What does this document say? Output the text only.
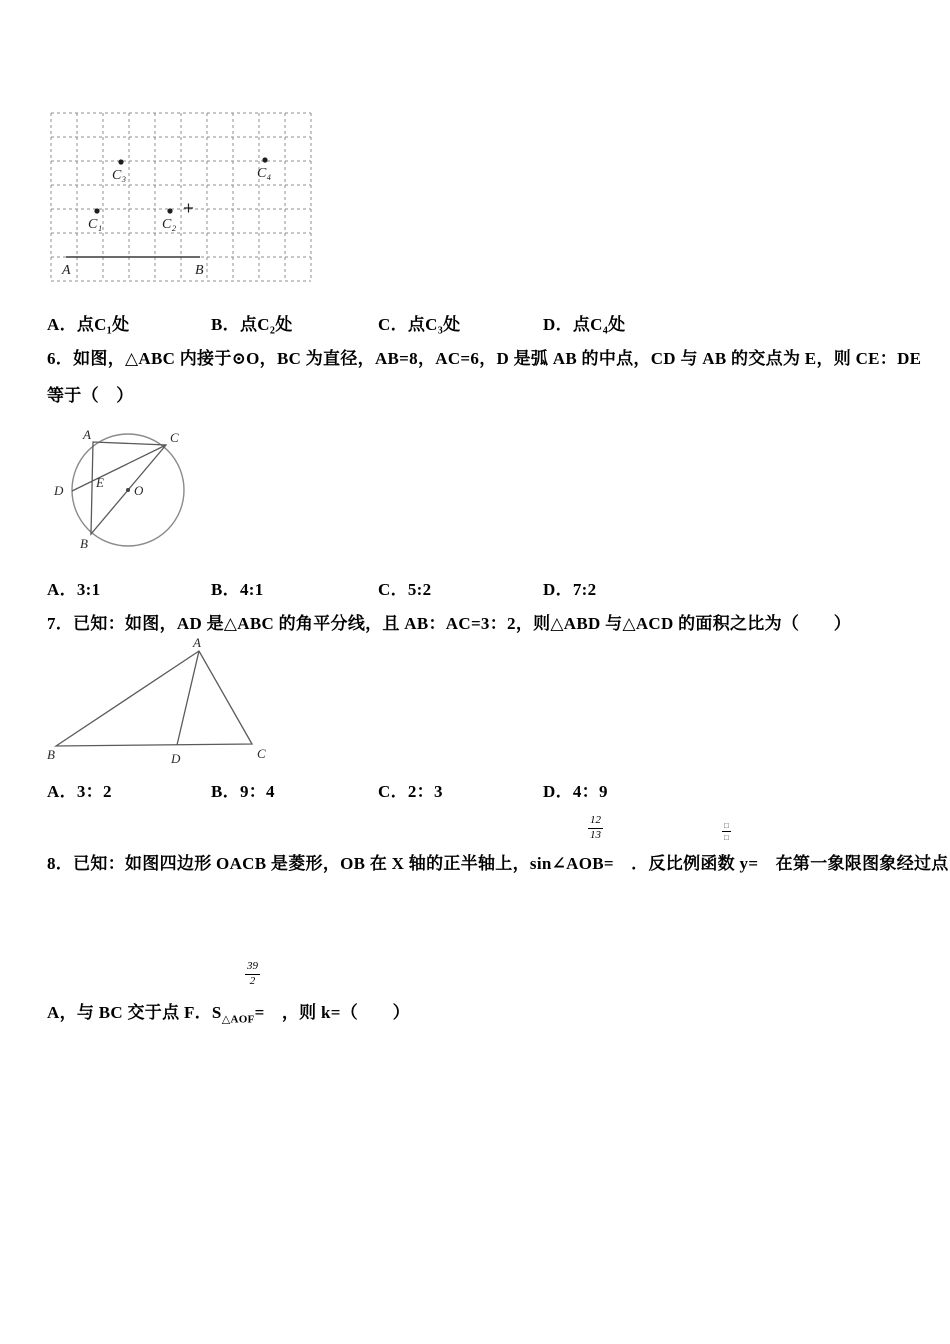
C₃	C₄
C₁	C₂
A	B
A．点C₁处	B．点C₂处	C．点C₃处	D．点C₄处
6．如图，△ABC 内接于⊙O，BC 为直径，AB=8，AC=6，D 是弧 AB 的中点，CD 与 AB 的交点为 E，则 CE：DE
等于（　）
A	C
D
E
O
B
A．3:1	B．4:1	C．5:2	D．7:2
7．已知：如图，AD 是△ABC 的角平分线，且 AB：AC=3：2，则△ABD 与△ACD 的面积之比为（　　）
A
B	D	C
A．3：2	B．9：4	C．2：3	D．4：9
$\frac{12}{13}$	□
□
8．已知：如图四边形 OACB 是菱形，OB 在 X 轴的正半轴上，sin∠AOB=　．反比例函数 y=　在第一象限图象经过点
$\frac{39}{2}$
A，与 BC 交于点 F．$S_{\triangle AOF}=$　，则 k=（　　）
